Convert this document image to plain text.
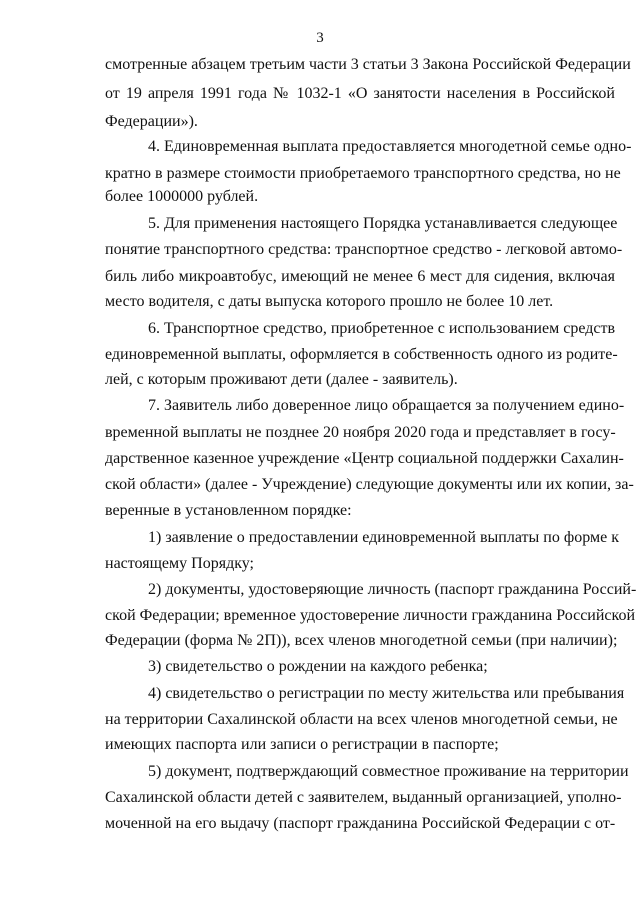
3
смотренные абзацем третьим части 3 статьи 3 Закона Российской Федерации
от 19 апреля 1991 года № 1032-1 «О занятости населения в Российской
Федерации»).
4. Единовременная выплата предоставляется многодетной семье одно-
кратно в размере стоимости приобретаемого транспортного средства, но не
более 1000000 рублей.
5. Для применения настоящего Порядка устанавливается следующее
понятие транспортного средства: транспортное средство - легковой автомо-
биль либо микроавтобус, имеющий не менее 6 мест для сидения, включая
место водителя, с даты выпуска которого прошло не более 10 лет.
6. Транспортное средство, приобретенное с использованием средств
единовременной выплаты, оформляется в собственность одного из родите-
лей, с которым проживают дети (далее - заявитель).
7. Заявитель либо доверенное лицо обращается за получением едино-
временной выплаты не позднее 20 ноября 2020 года и представляет в госу-
дарственное казенное учреждение «Центр социальной поддержки Сахалин-
ской области» (далее - Учреждение) следующие документы или их копии, за-
веренные в установленном порядке:
1) заявление о предоставлении единовременной выплаты по форме к
настоящему Порядку;
2) документы, удостоверяющие личность (паспорт гражданина Россий-
ской Федерации; временное удостоверение личности гражданина Российской
Федерации (форма № 2П)), всех членов многодетной семьи (при наличии);
3) свидетельство о рождении на каждого ребенка;
4) свидетельство о регистрации по месту жительства или пребывания
на территории Сахалинской области на всех членов многодетной семьи, не
имеющих паспорта или записи о регистрации в паспорте;
5) документ, подтверждающий совместное проживание на территории
Сахалинской области детей с заявителем, выданный организацией, уполно-
моченной на его выдачу (паспорт гражданина Российской Федерации с от-
